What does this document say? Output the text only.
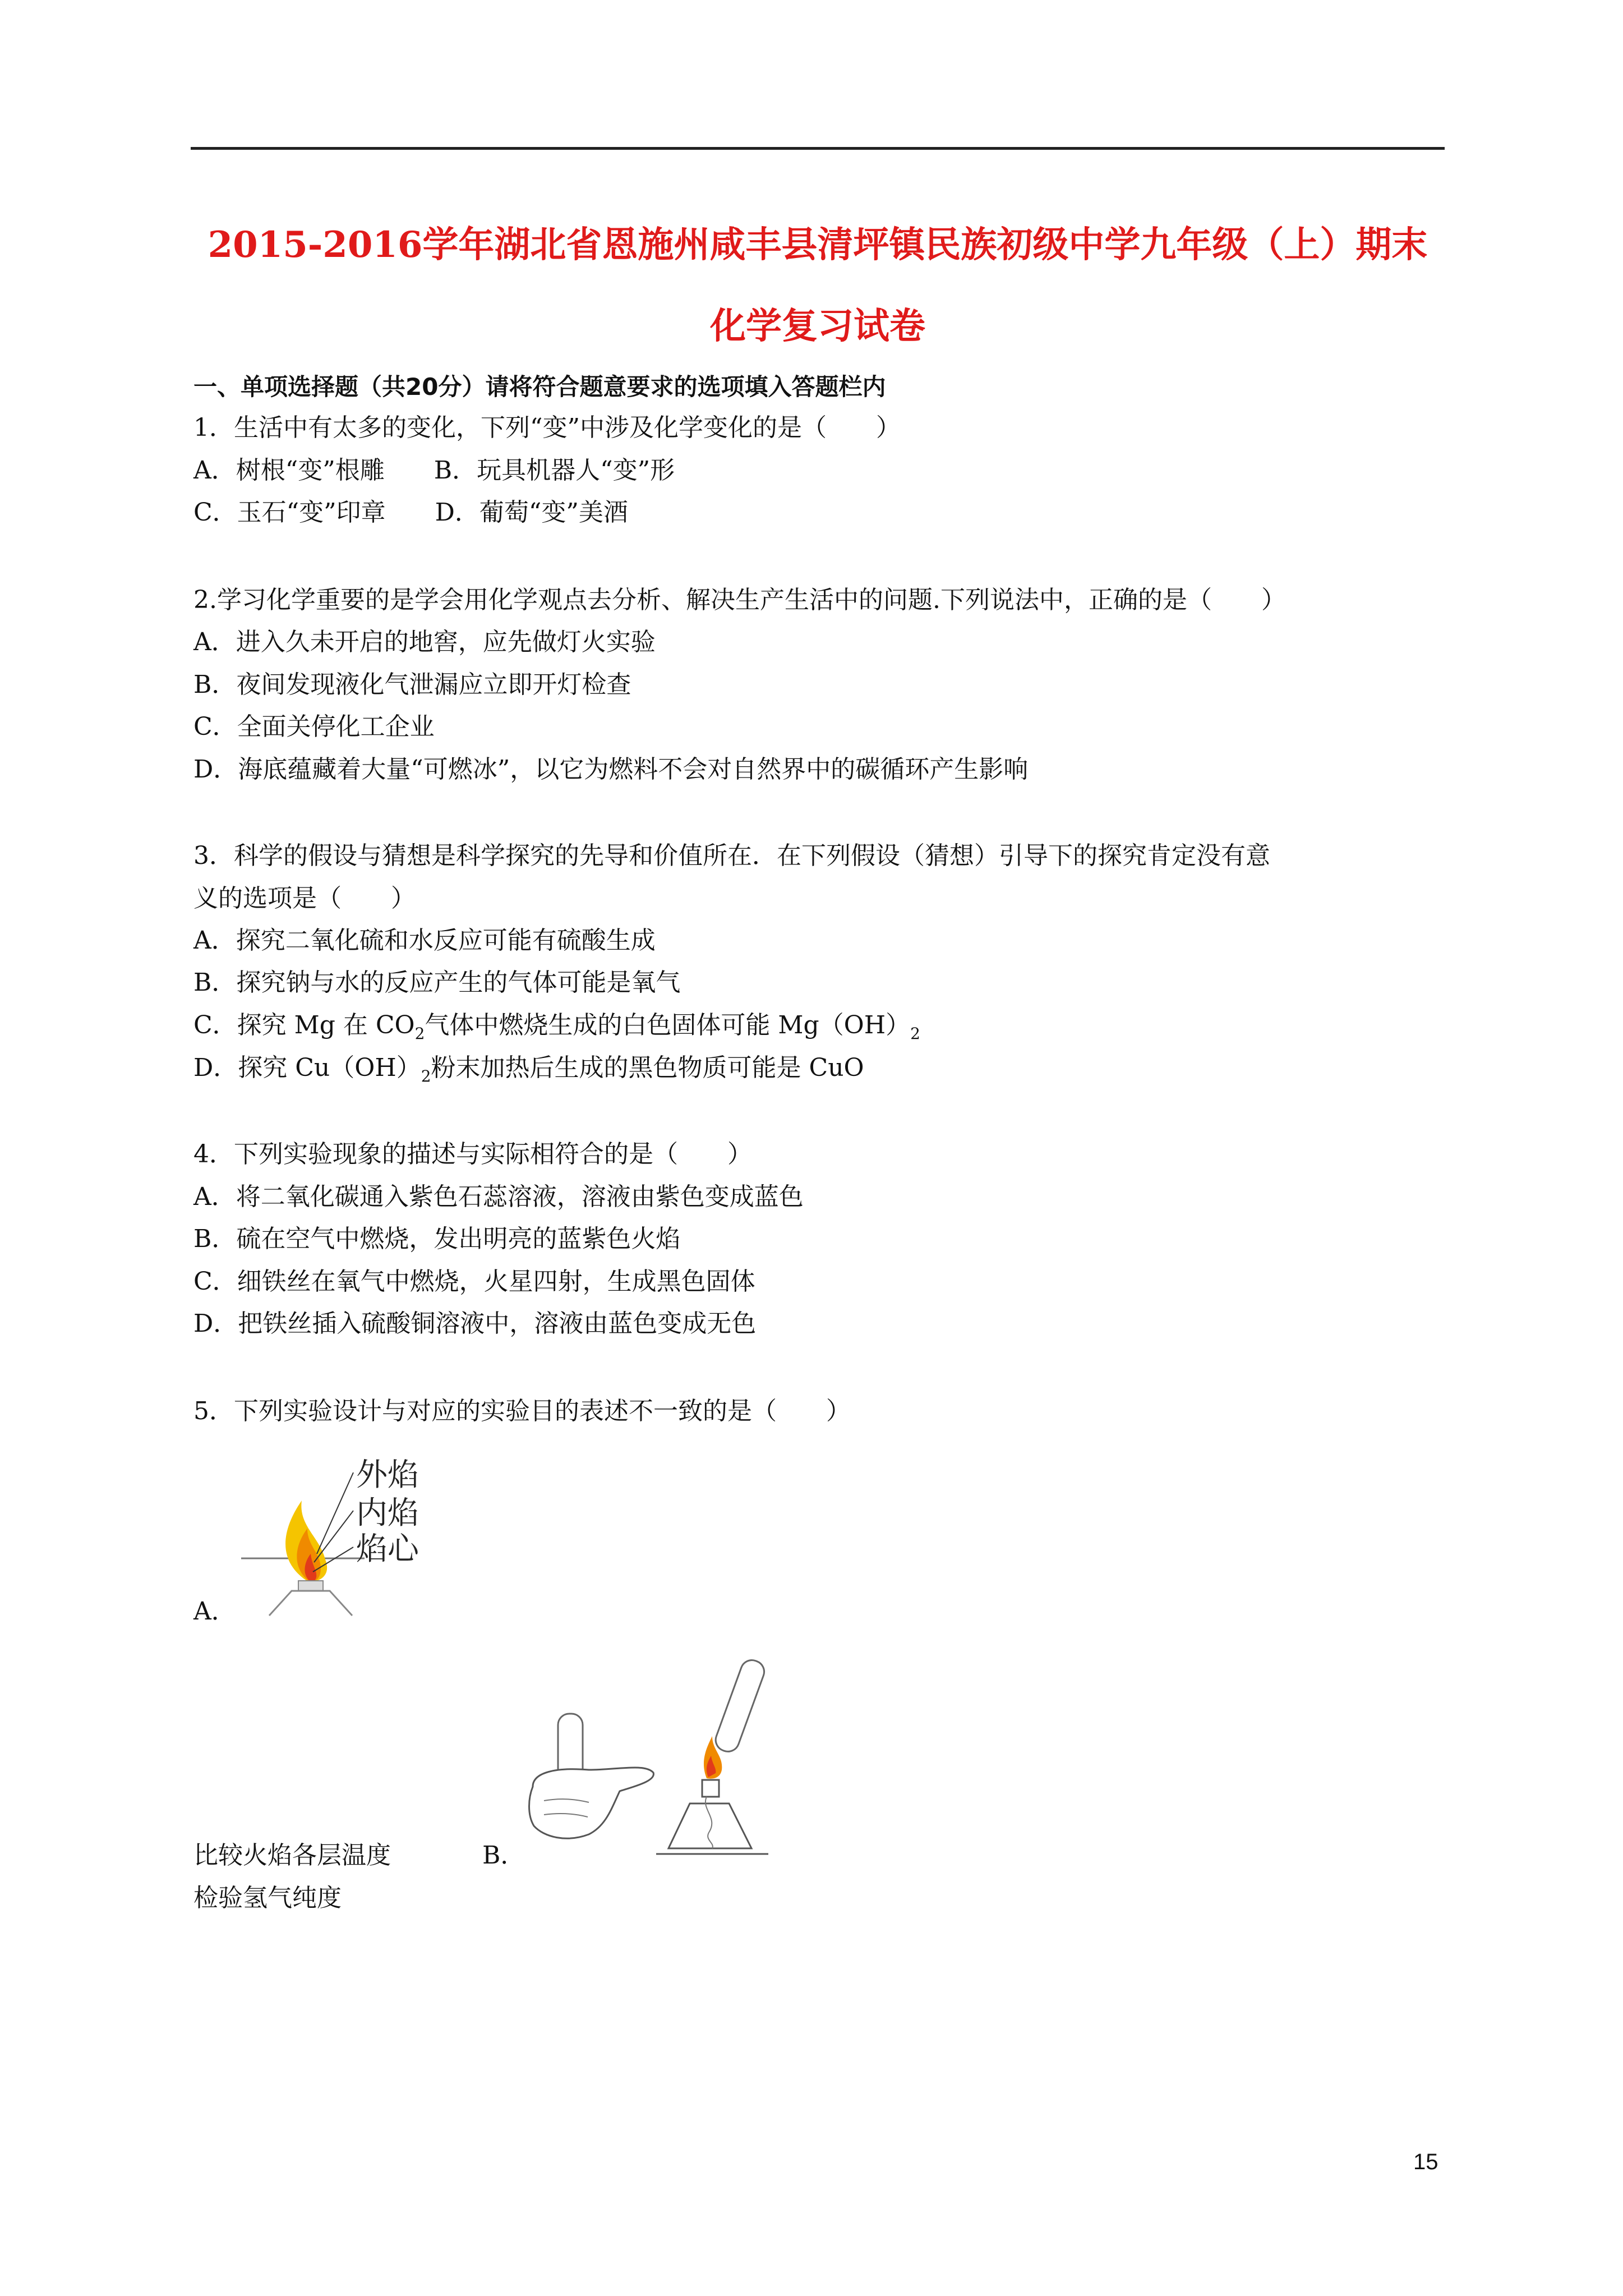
2015-2016学年湖北省恩施州咸丰县清坪镇民族初级中学九年级（上）期末
化学复习试卷
一、单项选择题（共20分）请将符合题意要求的选项填入答题栏内
1．生活中有太多的变化，下列“变”中涉及化学变化的是（　　）
A．树根“变”根雕　　B．玩具机器人“变”形
C．玉石“变”印章　　D．葡萄“变”美酒
2.学习化学重要的是学会用化学观点去分析、解决生产生活中的问题.下列说法中，正确的是（　　）
A．进入久未开启的地窖，应先做灯火实验
B．夜间发现液化气泄漏应立即开灯检查
C．全面关停化工企业
D．海底蕴藏着大量“可燃冰”，以它为燃料不会对自然界中的碳循环产生影响
3．科学的假设与猜想是科学探究的先导和价值所在．在下列假设（猜想）引导下的探究肯定没有意
义的选项是（　　）
A．探究二氧化硫和水反应可能有硫酸生成
B．探究钠与水的反应产生的气体可能是氧气
C．探究 Mg 在 $CO_2$气体中燃烧生成的白色固体可能 $Mg(OH)_2$
D．探究 $Cu(OH)_2$粉末加热后生成的黑色物质可能是 CuO
4．下列实验现象的描述与实际相符合的是（　　）
A．将二氧化碳通入紫色石蕊溶液，溶液由紫色变成蓝色
B．硫在空气中燃烧，发出明亮的蓝紫色火焰
C．细铁丝在氧气中燃烧，火星四射，生成黑色固体
D．把铁丝插入硫酸铜溶液中，溶液由蓝色变成无色
5．下列实验设计与对应的实验目的表述不一致的是（　　）
外焰
内焰
焰心
A．
比较火焰各层温度	B．
检验氢气纯度
15
